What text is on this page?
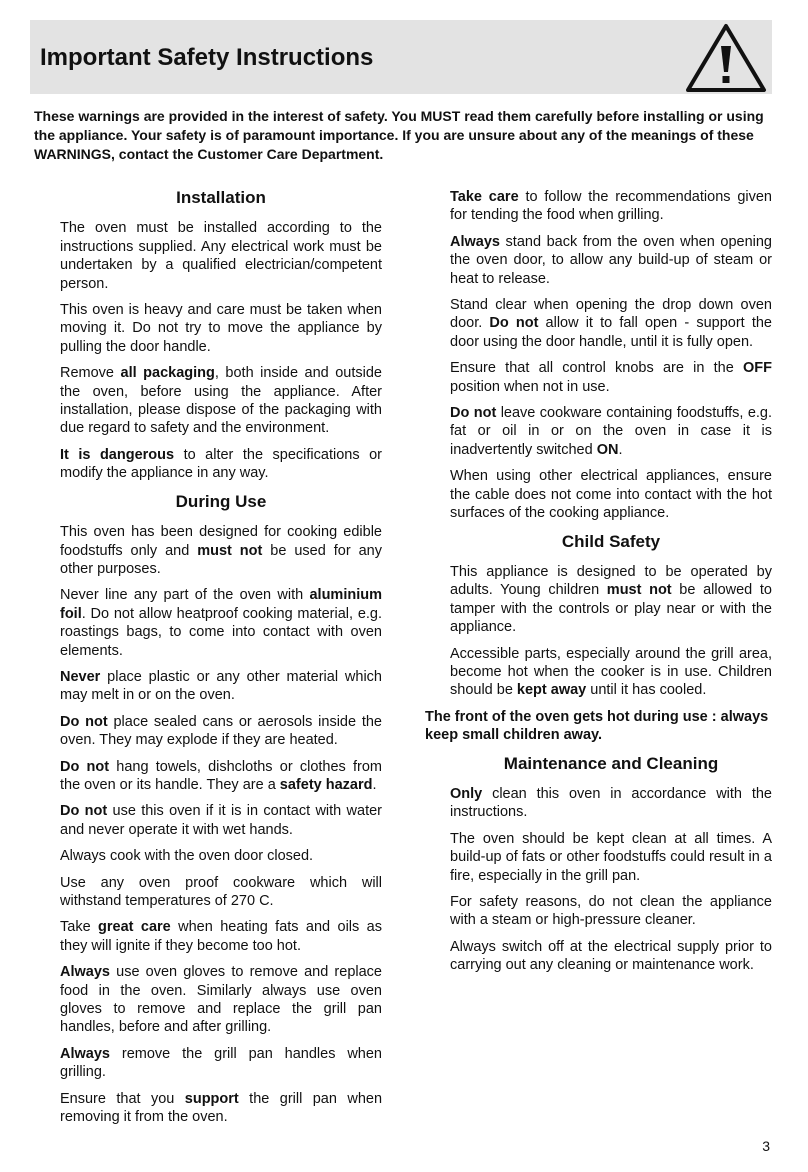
Important Safety Instructions
These warnings are provided in the interest of safety. You MUST read them carefully before installing or using the appliance. Your safety is of paramount importance. If you are unsure about any of the meanings of these WARNINGS, contact the Customer Care Department.
Installation

The oven must be installed according to the instructions supplied. Any electrical work must be undertaken by a qualified electrician/competent person.

This oven is heavy and care must be taken when moving it. Do not try to move the appliance by pulling the door handle.

Remove all packaging, both inside and outside the oven, before using the appliance. After installation, please dispose of the packaging with due regard to safety and the environment.

It is dangerous to alter the specifications or modify the appliance in any way.

During Use

This oven has been designed for cooking edible foodstuffs only and must not be used for any other purposes.

Never line any part of the oven with aluminium foil. Do not allow heatproof cooking material, e.g. roastings bags, to come into contact with oven elements.

Never place plastic or any other material which may melt in or on the oven.

Do not place sealed cans or aerosols inside the oven. They may explode if they are heated.

Do not hang towels, dishcloths or clothes from the oven or its handle. They are a safety hazard.

Do not use this oven if it is in contact with water and never operate it with wet hands.

Always cook with the oven door closed.

Use any oven proof cookware which will withstand temperatures of 270 C.

Take great care when heating fats and oils as they will ignite if they become too hot.

Always use oven gloves to remove and replace food in the oven. Similarly always use oven gloves to remove and replace the grill pan handles, before and after grilling.

Always remove the grill pan handles when grilling.

Ensure that you support the grill pan when removing it from the oven.

Take care to follow the recommendations given for tending the food when grilling.

Always stand back from the oven when opening the oven door, to allow any build-up of steam or heat to release.

Stand clear when opening the drop down oven door. Do not allow it to fall open - support the door using the door handle, until it is fully open.

Ensure that all control knobs are in the OFF position when not in use.

Do not leave cookware containing foodstuffs, e.g. fat or oil in or on the oven in case it is inadvertently switched ON.

When using other electrical appliances, ensure the cable does not come into contact with the hot surfaces of the cooking appliance.

Child Safety

This appliance is designed to be operated by adults. Young children must not be allowed to tamper with the controls or play near or with the appliance.

Accessible parts, especially around the grill area, become hot when the cooker is in use. Children should be kept away until it has cooled.

The front of the oven gets hot during use : always keep small children away.

Maintenance and Cleaning

Only clean this oven in accordance with the instructions.

The oven should be kept clean at all times. A build-up of fats or other foodstuffs could result in a fire, especially in the grill pan.

For safety reasons, do not clean the appliance with a steam or high-pressure cleaner.

Always switch off at the electrical supply prior to carrying out any cleaning or maintenance work.

3
